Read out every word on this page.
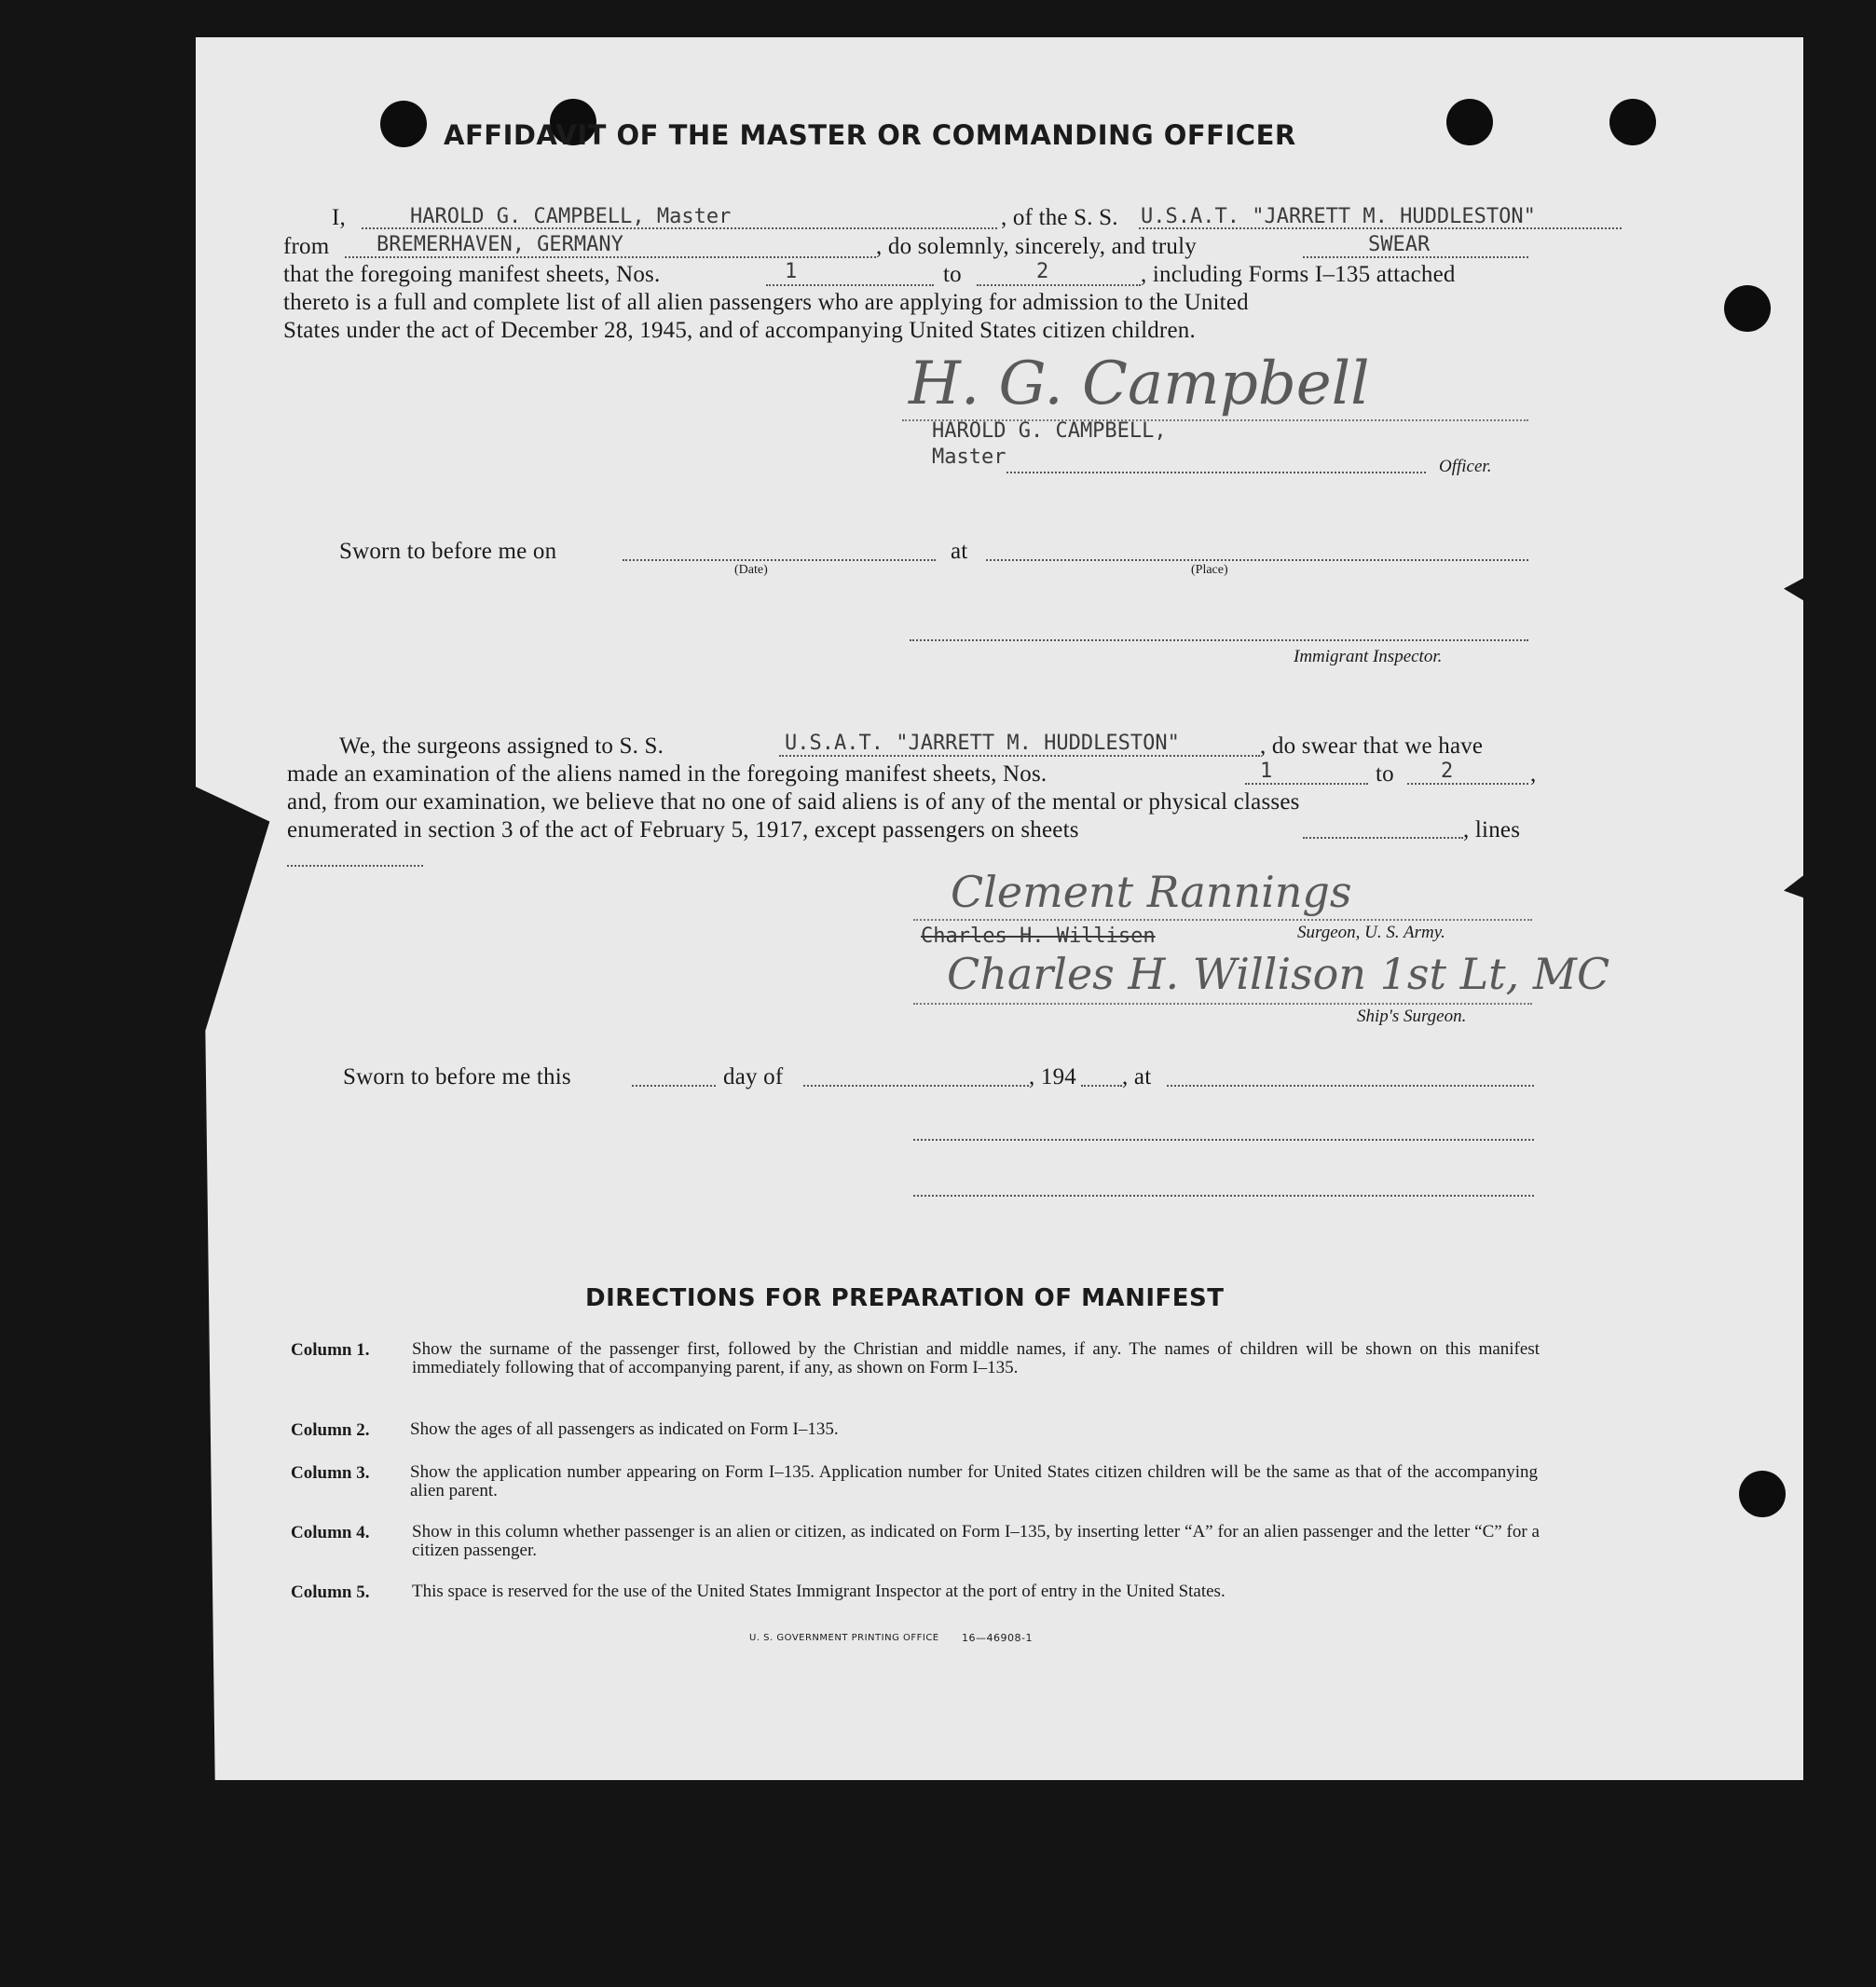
AFFIDAVIT OF THE MASTER OR COMMANDING OFFICER
I,	HAROLD G. CAMPBELL, Master	, of the S. S. U.S.A.T. "JARRETT M. HUDDLESTON"
from BREMERHAVEN, GERMANY	, do solemnly, sincerely, and truly	SWEAR
that the foregoing manifest sheets, Nos.	1	to	2	, including Forms I–135 attached
thereto is a full and complete list of all alien passengers who are applying for admission to the United
States under the act of December 28, 1945, and of accompanying United States citizen children.
H. G. Campbell
HAROLD G. CAMPBELL,
Master	Officer.
Sworn to before me on
(Date)
at
(Place)
Immigrant Inspector.
We, the surgeons assigned to S. S.	U.S.A.T. "JARRETT M. HUDDLESTON"	, do swear that we have
made an examination of the aliens named in the foregoing manifest sheets, Nos.	1	to 2	,
and, from our examination, we believe that no one of said aliens is of any of the mental or physical classes
enumerated in section 3 of the act of February 5, 1917, except passengers on sheets	, lines
Clement Rannings
Charles H. Willisen	Surgeon, U. S. Army.
Charles H. Willison 1st Lt, MC
Ship's Surgeon.
Sworn to before me this	day of	, 194 , at
DIRECTIONS FOR PREPARATION OF MANIFEST
Column 1. Show the surname of the passenger first, followed by the Christian and middle names, if any. The names of children will be shown on this manifest immediately following that of accompanying parent, if any, as shown on Form I–135.
Column 2. Show the ages of all passengers as indicated on Form I–135.
Column 3. Show the application number appearing on Form I–135. Application number for United States citizen children will be the same as that of the accompanying alien parent.
Column 4. Show in this column whether passenger is an alien or citizen, as indicated on Form I–135, by inserting letter “A” for an alien passenger and the letter “C” for a citizen passenger.
Column 5. This space is reserved for the use of the United States Immigrant Inspector at the port of entry in the United States.
U. S. GOVERNMENT PRINTING OFFICE 16—46908-1
